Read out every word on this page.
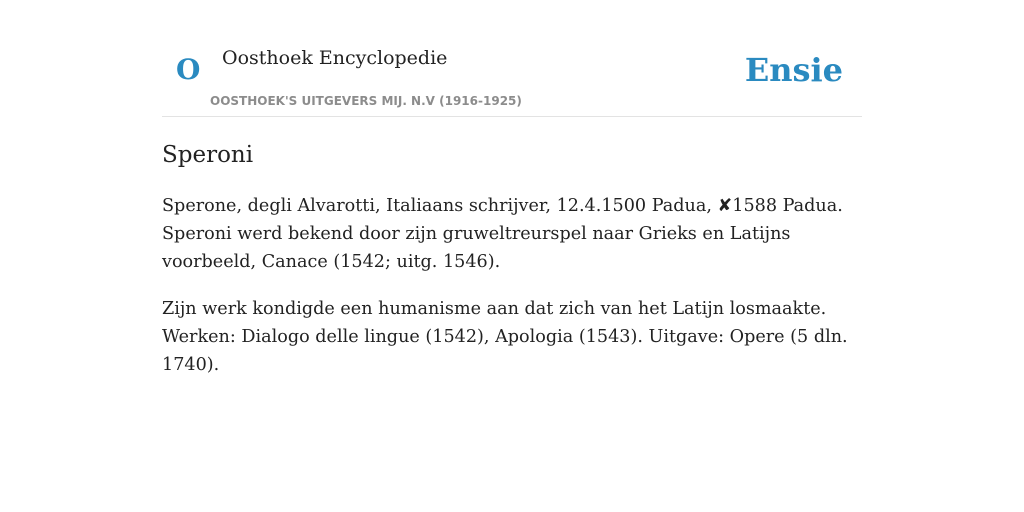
O Oosthoek Encyclopedie
OOSTHOEK'S UITGEVERS MIJ. N.V (1916-1925)
Ensie
Speroni

Sperone, degli Alvarotti, Italiaans schrijver, 12.4.1500 Padua, ✘1588 Padua. Speroni werd bekend door zijn gruweltreurspel naar Grieks en Latijns voorbeeld, Canace (1542; uitg. 1546).

Zijn werk kondigde een humanisme aan dat zich van het Latijn losmaakte. Werken: Dialogo delle lingue (1542), Apologia (1543). Uitgave: Opere (5 dln. 1740).
